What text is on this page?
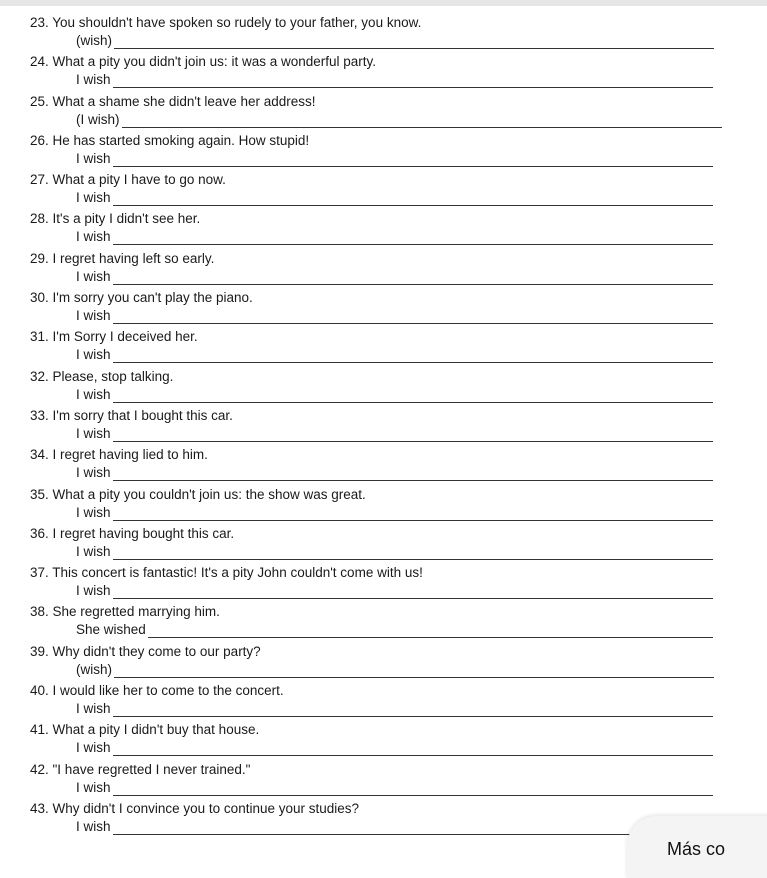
23. You shouldn't have spoken so rudely to your father, you know.
(wish)
24. What a pity you didn't join us: it was a wonderful party.
I wish
25. What a shame she didn't leave her address!
(I wish)
26. He has started smoking again. How stupid!
I wish
27. What a pity I have to go now.
I wish
28. It's a pity I didn't see her.
I wish
29. I regret having left so early.
I wish
30. I'm sorry you can't play the piano.
I wish
31. I'm Sorry I deceived her.
I wish
32. Please, stop talking.
I wish
33. I'm sorry that I bought this car.
I wish
34. I regret having lied to him.
I wish
35. What a pity you couldn't join us: the show was great.
I wish
36. I regret having bought this car.
I wish
37. This concert is fantastic! It's a pity John couldn't come with us!
I wish
38. She regretted marrying him.
She wished
39. Why didn't they come to our party?
(wish)
40. I would like her to come to the concert.
I wish
41. What a pity I didn't buy that house.
I wish
42. "I have regretted I never trained."
I wish
43. Why didn't I convince you to continue your studies?
I wish
Más co
